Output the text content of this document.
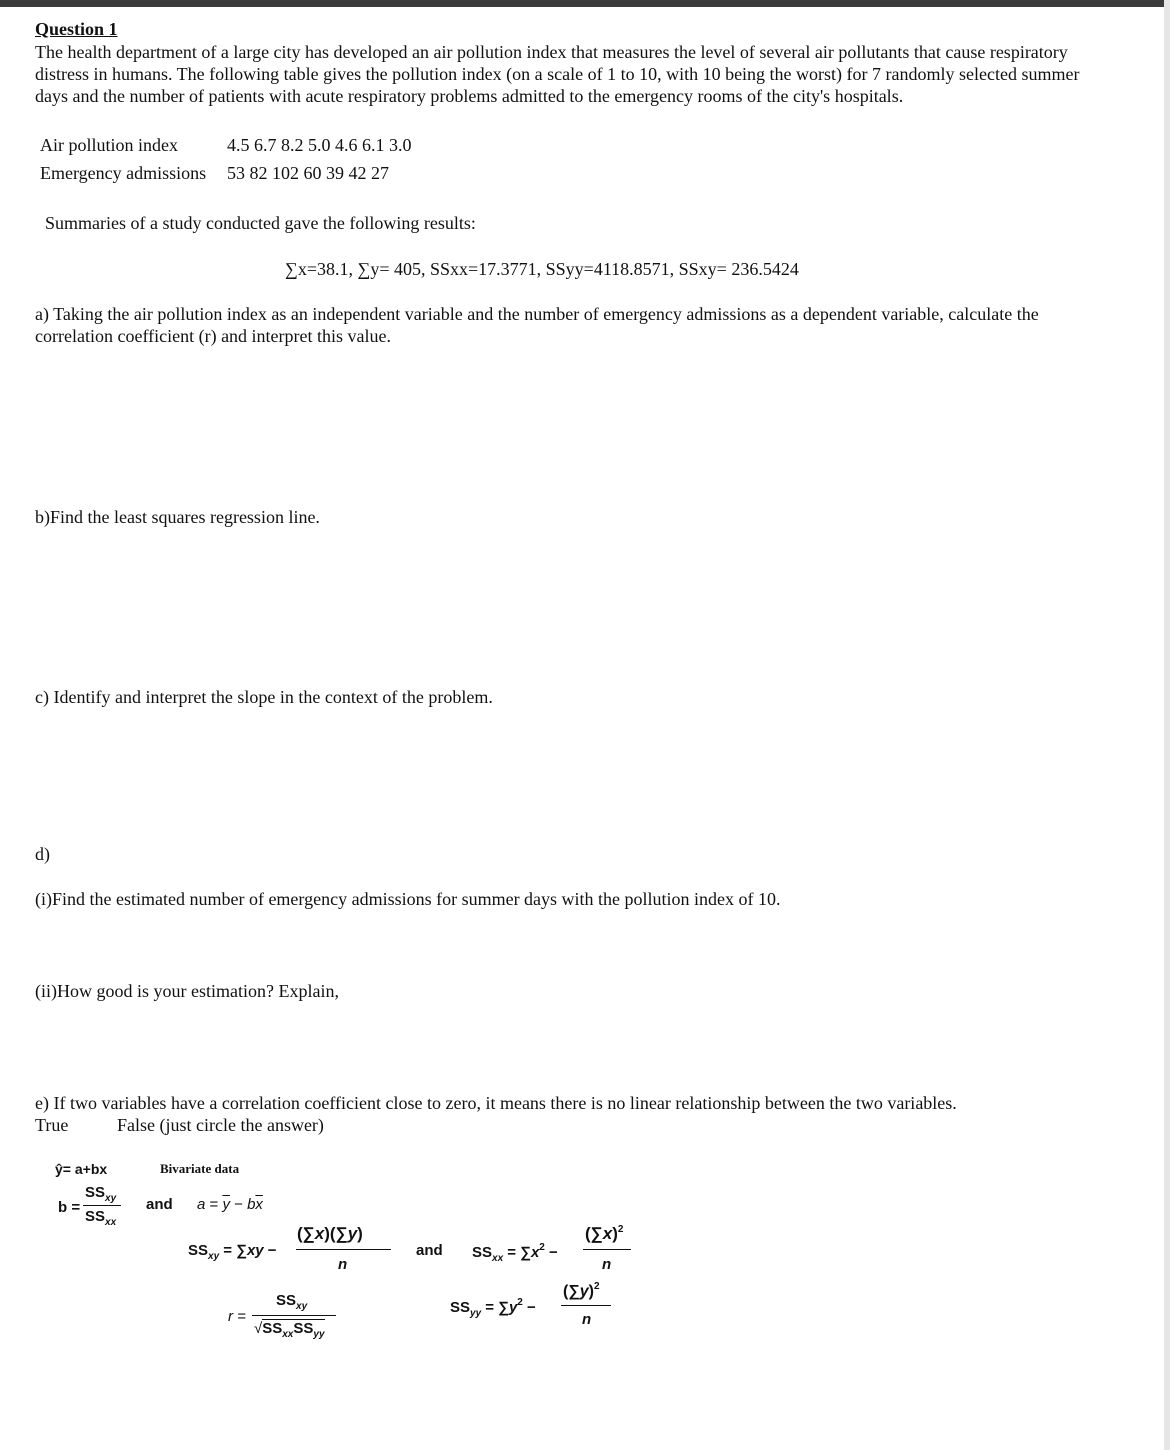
Question 1
The health department of a large city has developed an air pollution index that measures the level of several air pollutants that cause respiratory distress in humans. The following table gives the pollution index (on a scale of 1 to 10, with 10 being the worst) for 7 randomly selected summer days and the number of patients with acute respiratory problems admitted to the emergency rooms of the city's hospitals.
Air pollution index	4.5 6.7 8.2 5.0 4.6 6.1 3.0
Emergency admissions 53 82 102 60 39 42 27
Summaries of a study conducted gave the following results:
∑x=38.1, ∑y= 405, SSxx=17.3771, SSyy=4118.8571, SSxy= 236.5424
a) Taking the air pollution index as an independent variable and the number of emergency admissions as a dependent variable, calculate the correlation coefficient (r) and interpret this value.
b)Find the least squares regression line.
c) Identify and interpret the slope in the context of the problem.
d)
(i)Find the estimated number of emergency admissions for summer days with the pollution index of 10.
(ii)How good is your estimation? Explain,
e) If two variables have a correlation coefficient close to zero, it means there is no linear relationship between the two variables.
True	False (just circle the answer)
ŷ= a+bx	Bivariate data
b =
$SS_{xy}$
$SS_{xx}$
and $a = \overline{y} - b\overline{x}$
$SS_{xy} = \sum xy$ −
(∑x)(∑y)
n
and $SS_{xx} = \sum x^2$ −
$(\sum x)^2$
n
r =
$SS_{xy}$
$√SS_{xx}SS_{yy}$
$SS_{yy} = \sum y^2$ −
$(\sum y)^2$
n
